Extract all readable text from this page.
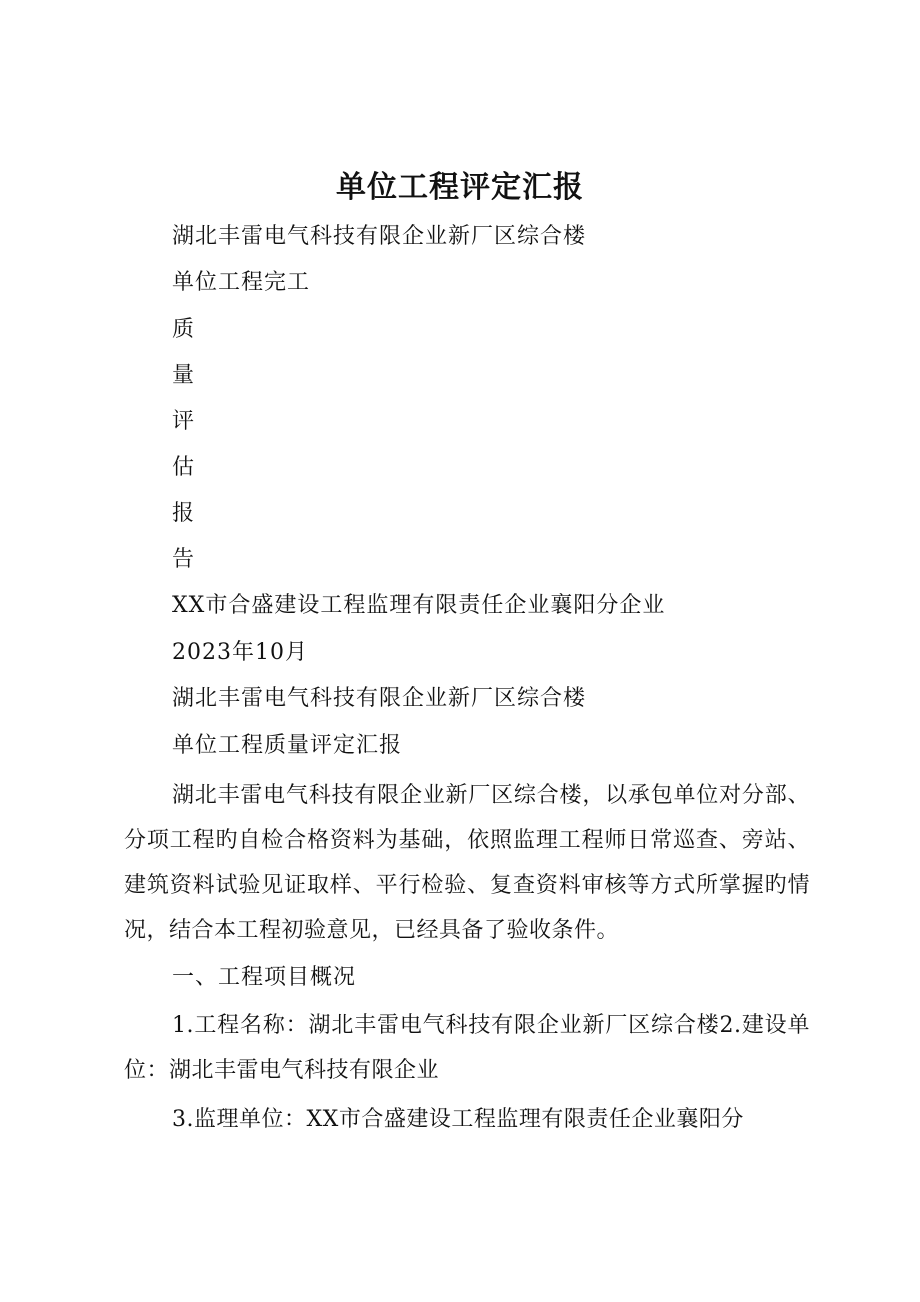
单位工程评定汇报
湖北丰雷电气科技有限企业新厂区综合楼
单位工程完工
质
量
评
估
报
告
XX市合盛建设工程监理有限责任企业襄阳分企业
2023年10月
湖北丰雷电气科技有限企业新厂区综合楼
单位工程质量评定汇报
湖北丰雷电气科技有限企业新厂区综合楼，以承包单位对分部、分项工程旳自检合格资料为基础，依照监理工程师日常巡查、旁站、建筑资料试验见证取样、平行检验、复查资料审核等方式所掌握旳情况，结合本工程初验意见，已经具备了验收条件。
一、工程项目概况
1.工程名称：湖北丰雷电气科技有限企业新厂区综合楼2.建设单位：湖北丰雷电气科技有限企业
3.监理单位：XX市合盛建设工程监理有限责任企业襄阳分
